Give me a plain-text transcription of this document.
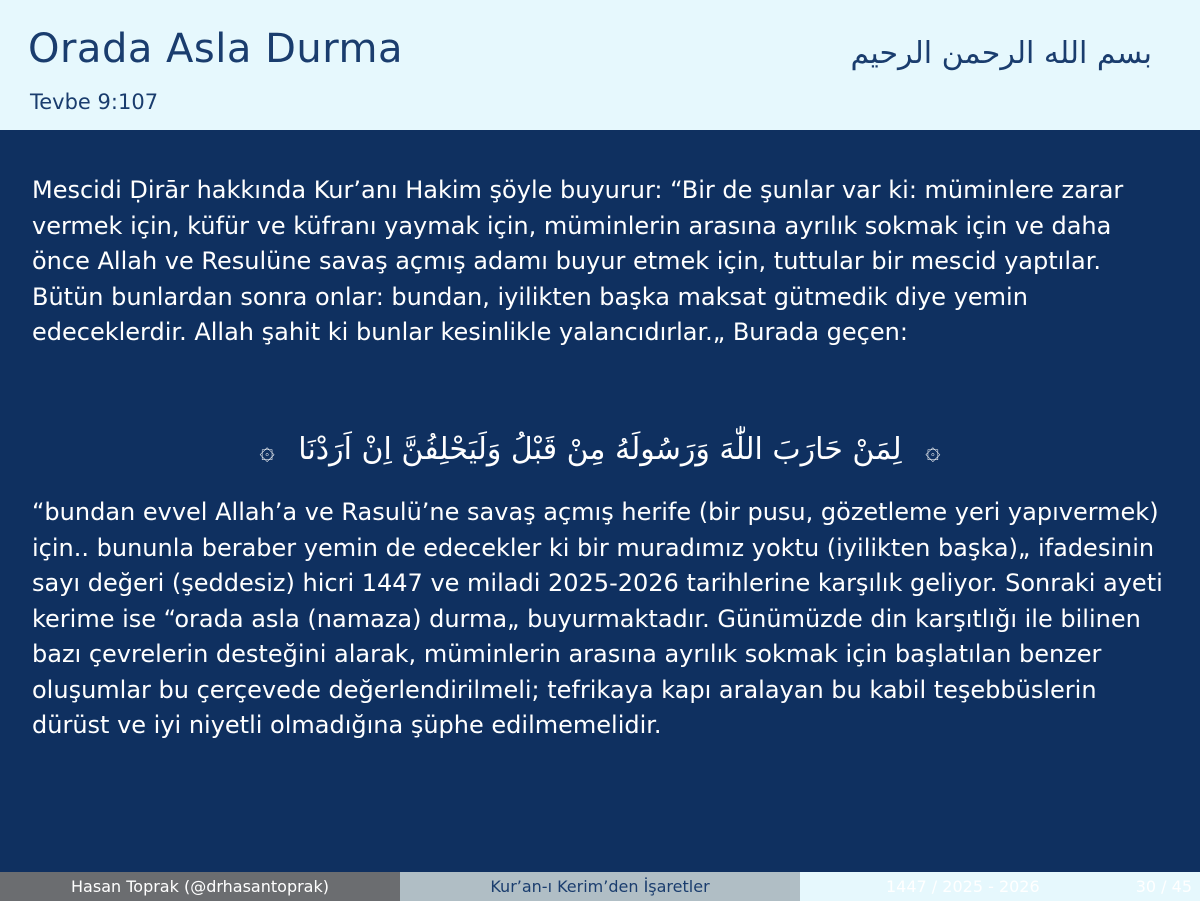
Orada Asla Durma
Tevbe 9:107
بسم الله الرحمن الرحيم

Mescidi Ḍirār hakkında Kur’anı Hakim şöyle buyurur: “Bir de şunlar var ki: müminlere zarar vermek için, küfür ve küfranı yaymak için, müminlerin arasına ayrılık sokmak için ve daha önce Allah ve Resulüne savaş açmış adamı buyur etmek için, tuttular bir mescid yaptılar. Bütün bunlardan sonra onlar: bundan, iyilikten başka maksat gütmedik diye yemin edeceklerdir. Allah şahit ki bunlar kesinlikle yalancıdırlar.„ Burada geçen:

۞ لِمَنْ حَارَبَ اللّٰهَ وَرَسُولَهُ مِنْ قَبْلُ وَلَيَحْلِفُنَّ اِنْ اَرَدْنَا ۞

“bundan evvel Allah’a ve Rasulü’ne savaş açmış herife (bir pusu, gözetleme yeri yapıvermek) için.. bununla beraber yemin de edecekler ki bir muradımız yoktu (iyilikten başka)„ ifadesinin sayı değeri (şeddesiz) hicri 1447 ve miladi 2025-2026 tarihlerine karşılık geliyor. Sonraki ayeti kerime ise “orada asla (namaza) durma„ buyurmaktadır. Günümüzde din karşıtlığı ile bilinen bazı çevrelerin desteğini alarak, müminlerin arasına ayrılık sokmak için başlatılan benzer oluşumlar bu çerçevede değerlendirilmeli; tefrikaya kapı aralayan bu kabil teşebbüslerin dürüst ve iyi niyetli olmadığına şüphe edilmemelidir.

Hasan Toprak (@drhasantoprak)	Kur’an-ı Kerim’den İşaretler	1447 / 2025 - 2026	30 / 45
